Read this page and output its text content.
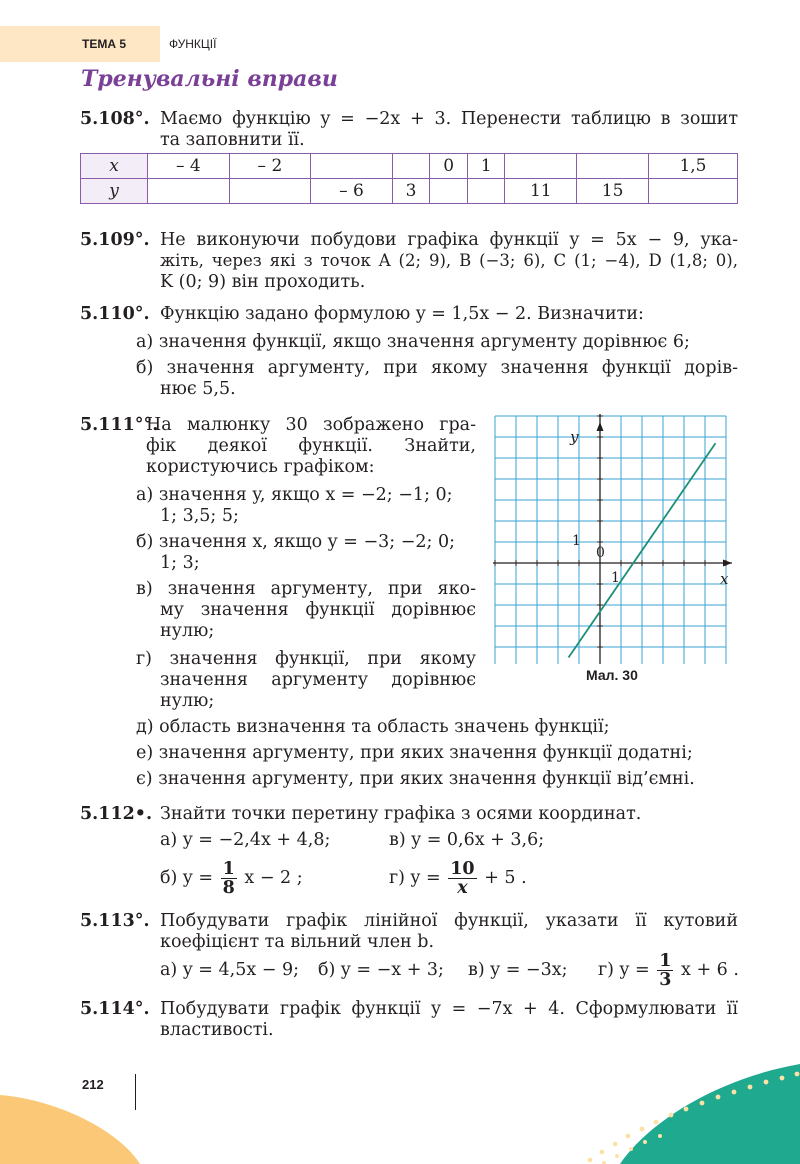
ТЕМА 5	ФУНКЦІЇ
Тренувальні вправи
5.108°. Маємо функцію y = −2x + 3. Перенести таблицю в зошит
та заповнити її.
x	– 4	– 2			0	1			1,5
y			– 6	3			11	15	
5.109°. Не виконуючи побудови графіка функції y = 5x − 9, ука-
жіть, через які з точок A (2; 9), B (−3; 6), C (1; −4), D (1,8; 0),
K (0; 9) він проходить.
5.110°. Функцію задано формулою y = 1,5x − 2. Визначити:
а) значення функції, якщо значення аргументу дорівнює 6;
б) значення аргументу, при якому значення функції дорів-
нює 5,5.
5.111°°.
На малюнку 30 зображено гра-
фік деякої функції. Знайти,
користуючись графіком:
а) значення y, якщо x = −2; −1; 0;
1; 3,5; 5;
б) значення x, якщо y = −3; −2; 0;
1; 3;
в) значення аргументу, при яко-
му значення функції дорівнює
нулю;
г) значення функції, при якому
значення аргументу дорівнює
нулю;
д) область визначення та область значень функції;
е) значення аргументу, при яких значення функції додатні;
є) значення аргументу, при яких значення функції від’ємні.
y
x
1
0
1
Мал. 30
5.112•. Знайти точки перетину графіка з осями координат.
а) y = −2,4x + 4,8;	в) y = 0,6x + 3,6;
б) $y = \frac{1}{8}$ x − 2 ;	г) $y = \frac{10}{x} + 5$ .
5.113°. Побудувати графік лінійної функції, указати її кутовий
коефіцієнт та вільний член b.
а) y = 4,5x − 9; б) y = −x + 3; в) y = −3x; г) $y = \frac{1}{3}$ x + 6 .
5.114°. Побудувати графік функції y = −7x + 4. Сформулювати її
властивості.
212
